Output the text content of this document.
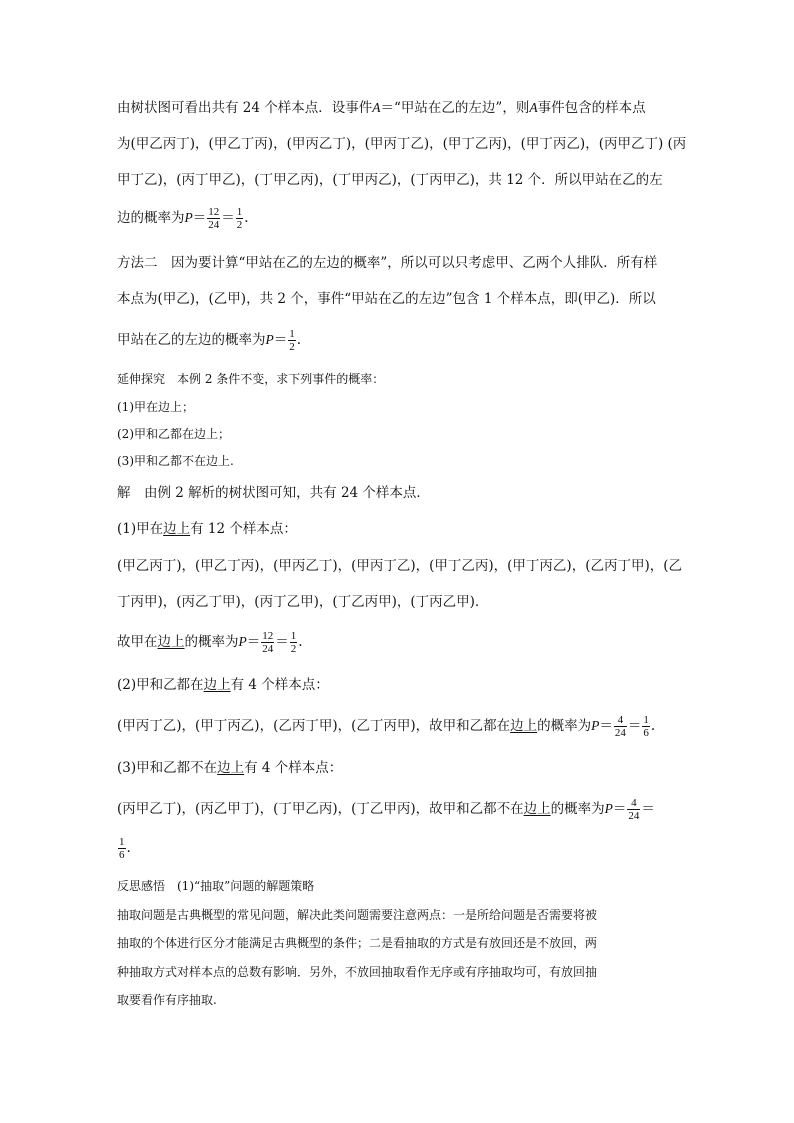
由树状图可看出共有 24 个样本点．设事件A＝“甲站在乙的左边”，则A事件包含的样本点
为(甲乙丙丁)，(甲乙丁丙)，(甲丙乙丁)，(甲丙丁乙)，(甲丁乙丙)，(甲丁丙乙)，(丙甲乙丁) (丙
甲丁乙)，(丙丁甲乙)，(丁甲乙丙)，(丁甲丙乙)，(丁丙甲乙)，共 12 个．所以甲站在乙的左
边的概率为$P= \frac{12}{24} = \frac{1}{2}$ .
方法二　因为要计算“甲站在乙的左边的概率”，所以可以只考虑甲、乙两个人排队．所有样
本点为(甲乙)，(乙甲)，共 2 个，事件“甲站在乙的左边”包含 1 个样本点，即(甲乙)．所以
甲站在乙的左边的概率为$P= \frac{1}{2}$ .
延伸探究　本例 2 条件不变，求下列事件的概率：
(1)甲在边上；
(2)甲和乙都在边上；
(3)甲和乙都不在边上.
解　由例 2 解析的树状图可知，共有 24 个样本点．
(1)甲在边上有 12 个样本点：
(甲乙丙丁)，(甲乙丁丙)，(甲丙乙丁)，(甲丙丁乙)，(甲丁乙丙)，(甲丁丙乙)，(乙丙丁甲)，(乙
丁丙甲)，(丙乙丁甲)，(丙丁乙甲)，(丁乙丙甲)，(丁丙乙甲)．
故甲在边上的概率为$P= \frac{12}{24} = \frac{1}{2}$ .
(2)甲和乙都在边上有 4 个样本点：
(甲丙丁乙)，(甲丁丙乙)，(乙丙丁甲)，(乙丁丙甲)，故甲和乙都在边上的概率为$P= \frac{4}{24} = \frac{1}{6}$ .
(3)甲和乙都不在边上有 4 个样本点：
(丙甲乙丁)，(丙乙甲丁)，(丁甲乙丙)，(丁乙甲丙)，故甲和乙都不在边上的概率为$P= \frac{4}{24}$ ＝
$\frac{1}{6}$ .
反思感悟　(1)“抽取”问题的解题策略
抽取问题是古典概型的常见问题，解决此类问题需要注意两点：一是所给问题是否需要将被
抽取的个体进行区分才能满足古典概型的条件；二是看抽取的方式是有放回还是不放回，两
种抽取方式对样本点的总数有影响．另外，不放回抽取看作无序或有序抽取均可，有放回抽
取要看作有序抽取.
